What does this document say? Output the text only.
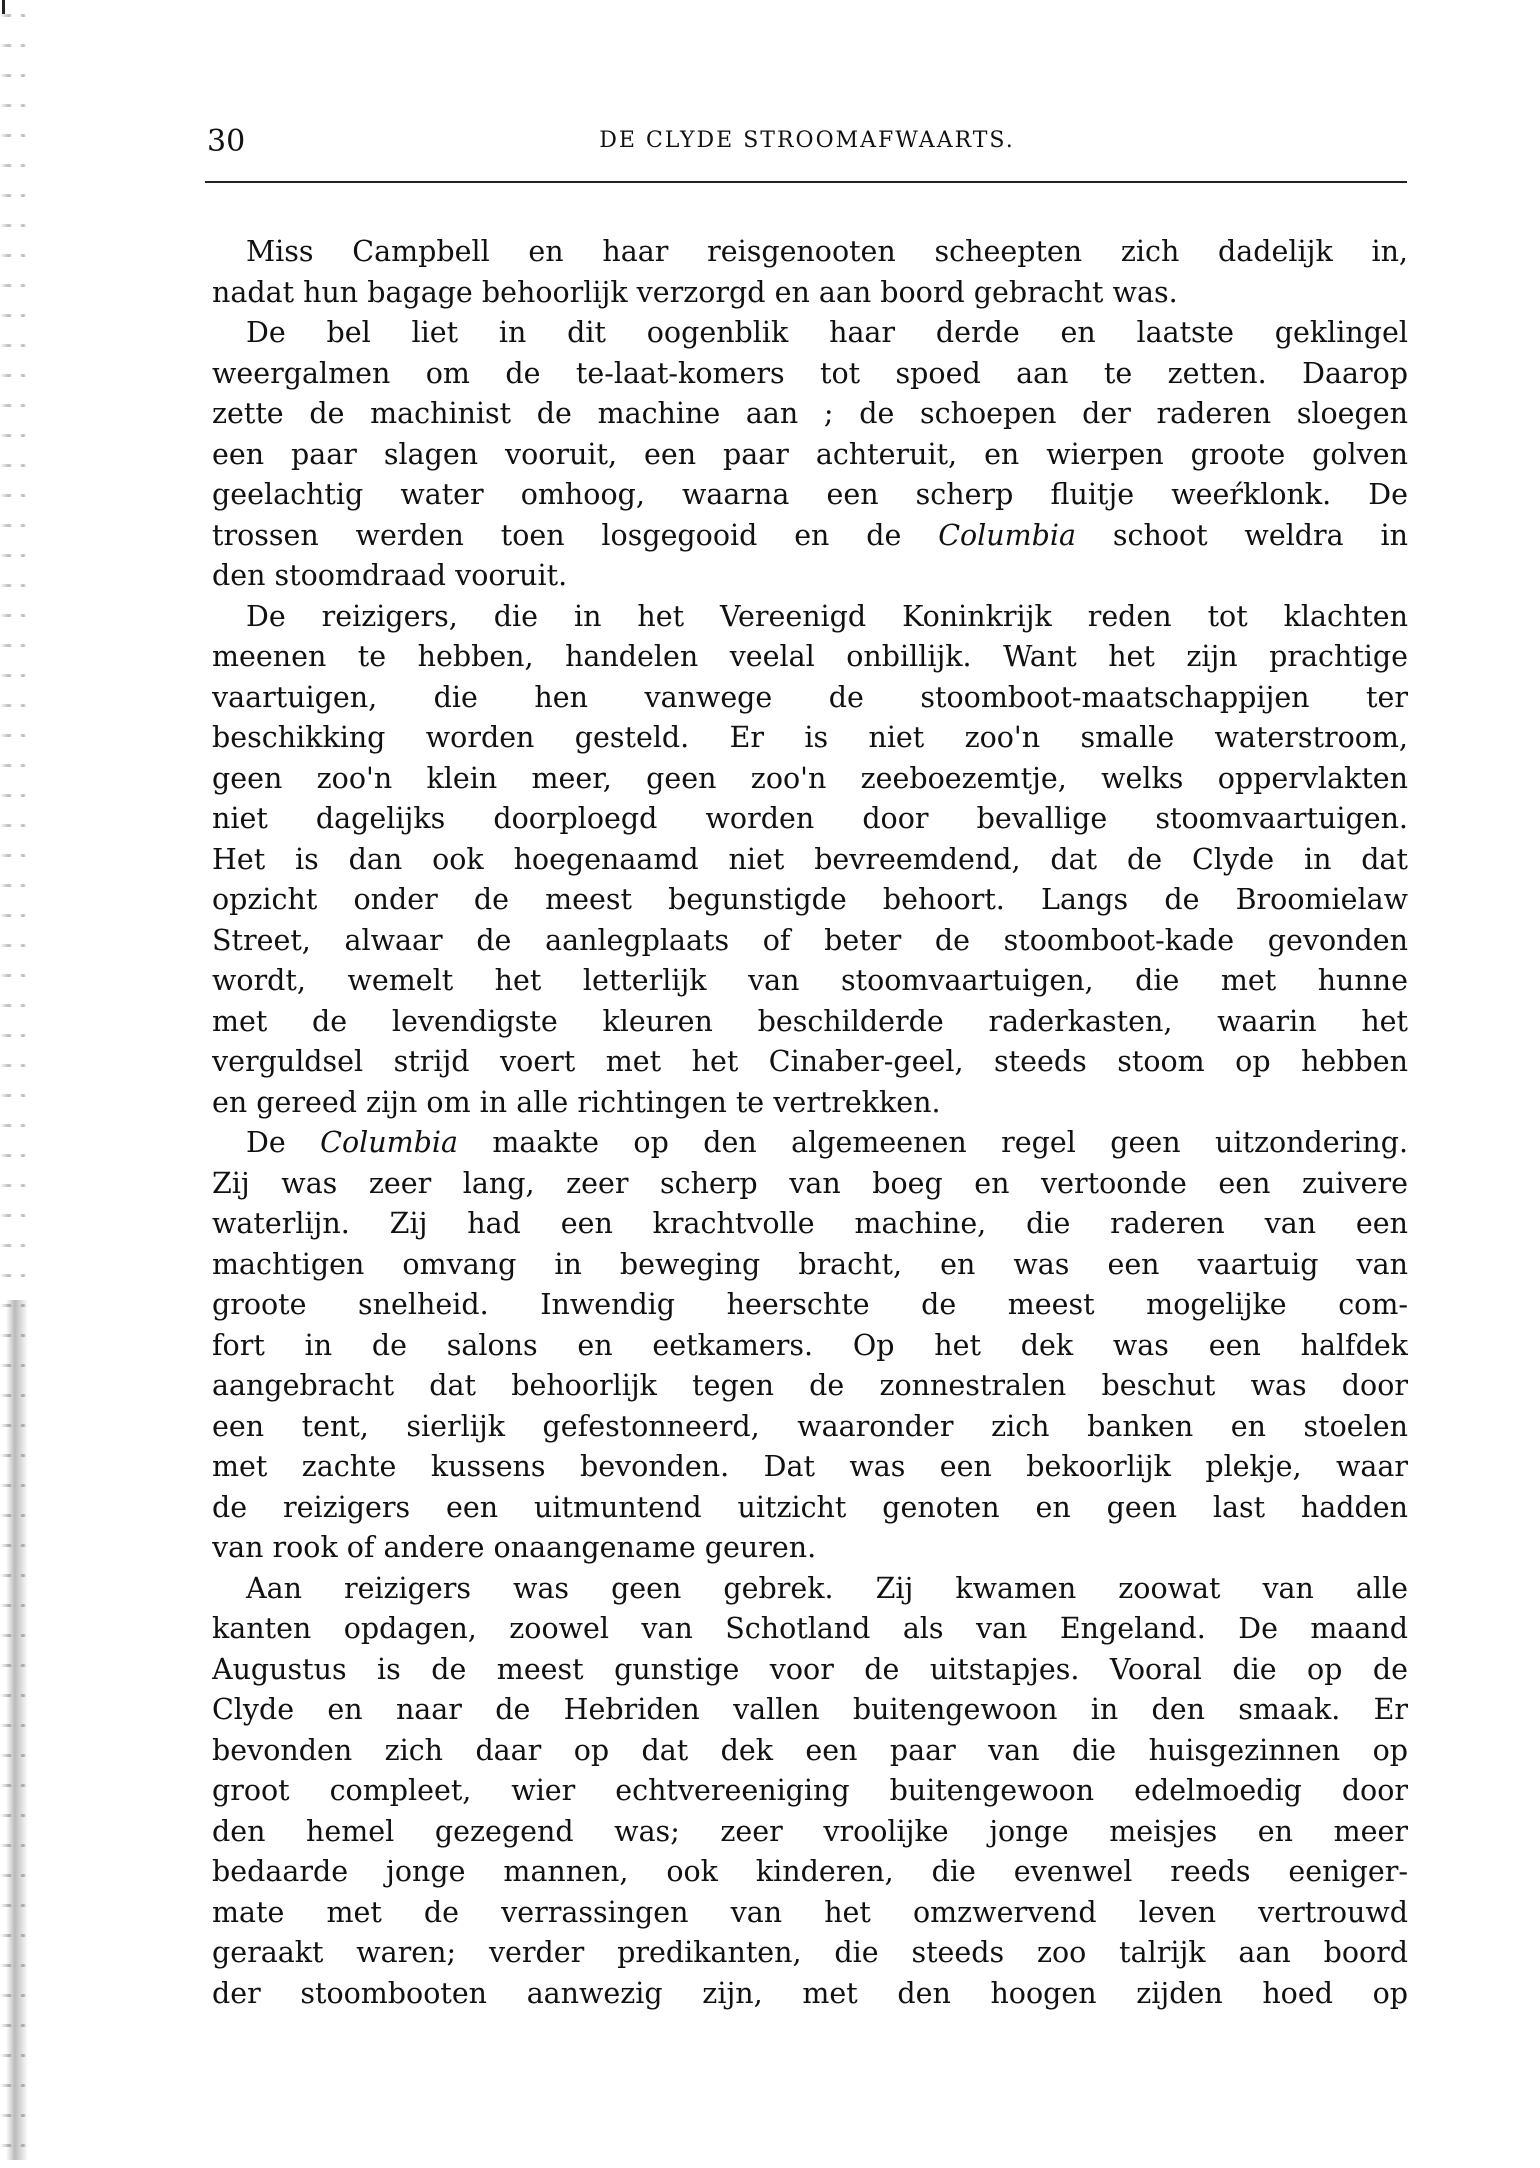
30	DE CLYDE STROOMAFWAARTS.
Miss Campbell en haar reisgenooten scheepten zich dadelijk in,
nadat hun bagage behoorlijk verzorgd en aan boord gebracht was.
De bel liet in dit oogenblik haar derde en laatste geklingel
weergalmen om de te-laat-komers tot spoed aan te zetten. Daarop
zette de machinist de machine aan ; de schoepen der raderen sloegen
een paar slagen vooruit, een paar achteruit, en wierpen groote golven
geelachtig water omhoog, waarna een scherp fluitje weeŕklonk. De
trossen werden toen losgegooid en de Columbia schoot weldra in
den stoomdraad vooruit.
De reizigers, die in het Vereenigd Koninkrijk reden tot klachten
meenen te hebben, handelen veelal onbillijk. Want het zijn prachtige
vaartuigen, die hen vanwege de stoomboot-maatschappijen ter
beschikking worden gesteld. Er is niet zoo'n smalle waterstroom,
geen zoo'n klein meer, geen zoo'n zeeboezemtje, welks oppervlakten
niet dagelijks doorploegd worden door bevallige stoomvaartuigen.
Het is dan ook hoegenaamd niet bevreemdend, dat de Clyde in dat
opzicht onder de meest begunstigde behoort. Langs de Broomielaw
Street, alwaar de aanlegplaats of beter de stoomboot-kade gevonden
wordt, wemelt het letterlijk van stoomvaartuigen, die met hunne
met de levendigste kleuren beschilderde raderkasten, waarin het
verguldsel strijd voert met het Cinaber-geel, steeds stoom op hebben
en gereed zijn om in alle richtingen te vertrekken.
De Columbia maakte op den algemeenen regel geen uitzondering.
Zij was zeer lang, zeer scherp van boeg en vertoonde een zuivere
waterlijn. Zij had een krachtvolle machine, die raderen van een
machtigen omvang in beweging bracht, en was een vaartuig van
groote snelheid. Inwendig heerschte de meest mogelijke com-
fort in de salons en eetkamers. Op het dek was een halfdek
aangebracht dat behoorlijk tegen de zonnestralen beschut was door
een tent, sierlijk gefestonneerd, waaronder zich banken en stoelen
met zachte kussens bevonden. Dat was een bekoorlijk plekje, waar
de reizigers een uitmuntend uitzicht genoten en geen last hadden
van rook of andere onaangename geuren.
Aan reizigers was geen gebrek. Zij kwamen zoowat van alle
kanten opdagen, zoowel van Schotland als van Engeland. De maand
Augustus is de meest gunstige voor de uitstapjes. Vooral die op de
Clyde en naar de Hebriden vallen buitengewoon in den smaak. Er
bevonden zich daar op dat dek een paar van die huisgezinnen op
groot compleet, wier echtvereeniging buitengewoon edelmoedig door
den hemel gezegend was; zeer vroolijke jonge meisjes en meer
bedaarde jonge mannen, ook kinderen, die evenwel reeds eeniger-
mate met de verrassingen van het omzwervend leven vertrouwd
geraakt waren; verder predikanten, die steeds zoo talrijk aan boord
der stoombooten aanwezig zijn, met den hoogen zijden hoed op
